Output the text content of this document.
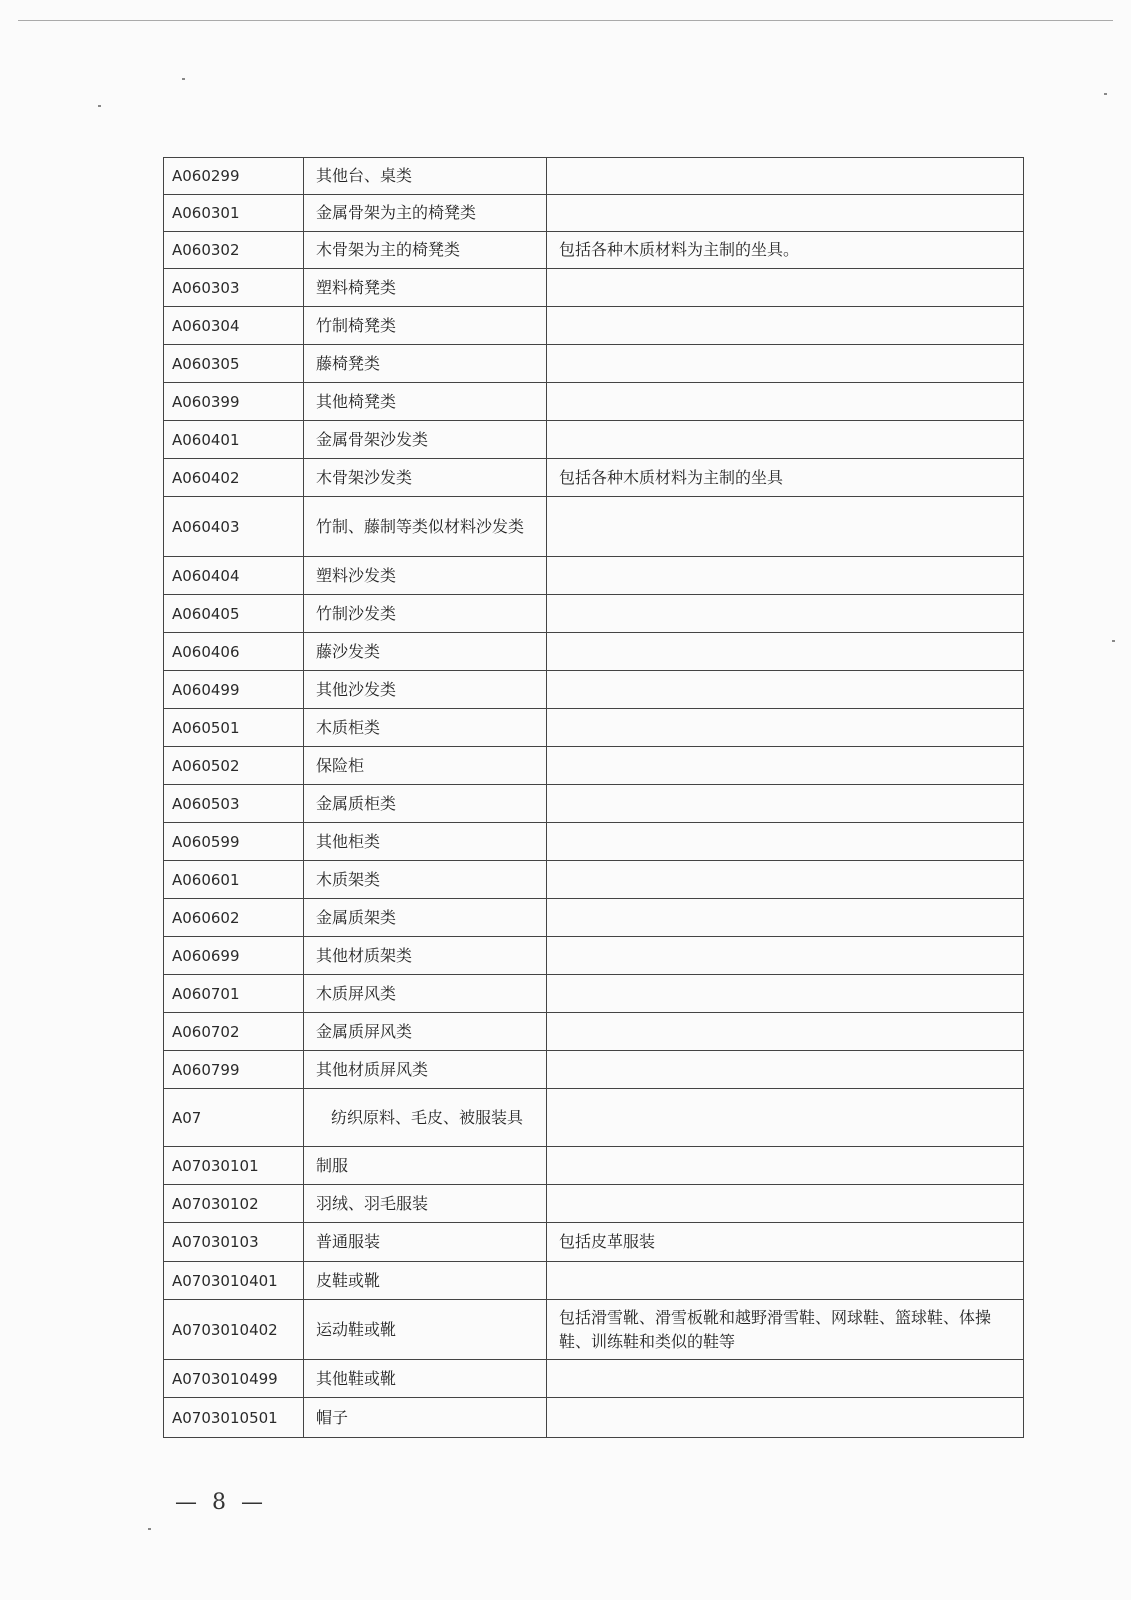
A060299	其他台、桌类	
A060301	金属骨架为主的椅凳类	
A060302	木骨架为主的椅凳类	包括各种木质材料为主制的坐具。
A060303	塑料椅凳类	
A060304	竹制椅凳类	
A060305	藤椅凳类	
A060399	其他椅凳类	
A060401	金属骨架沙发类	
A060402	木骨架沙发类	包括各种木质材料为主制的坐具
A060403	竹制、藤制等类似材料沙发类	
A060404	塑料沙发类	
A060405	竹制沙发类	
A060406	藤沙发类	
A060499	其他沙发类	
A060501	木质柜类	
A060502	保险柜	
A060503	金属质柜类	
A060599	其他柜类	
A060601	木质架类	
A060602	金属质架类	
A060699	其他材质架类	
A060701	木质屏风类	
A060702	金属质屏风类	
A060799	其他材质屏风类	
A07	纺织原料、毛皮、被服装具	
A07030101	制服	
A07030102	羽绒、羽毛服装	
A07030103	普通服装	包括皮革服装
A0703010401	皮鞋或靴	
A0703010402	运动鞋或靴	包括滑雪靴、滑雪板靴和越野滑雪鞋、网球鞋、篮球鞋、体操鞋、训练鞋和类似的鞋等
A0703010499	其他鞋或靴	
A0703010501	帽子	
— 8 —
